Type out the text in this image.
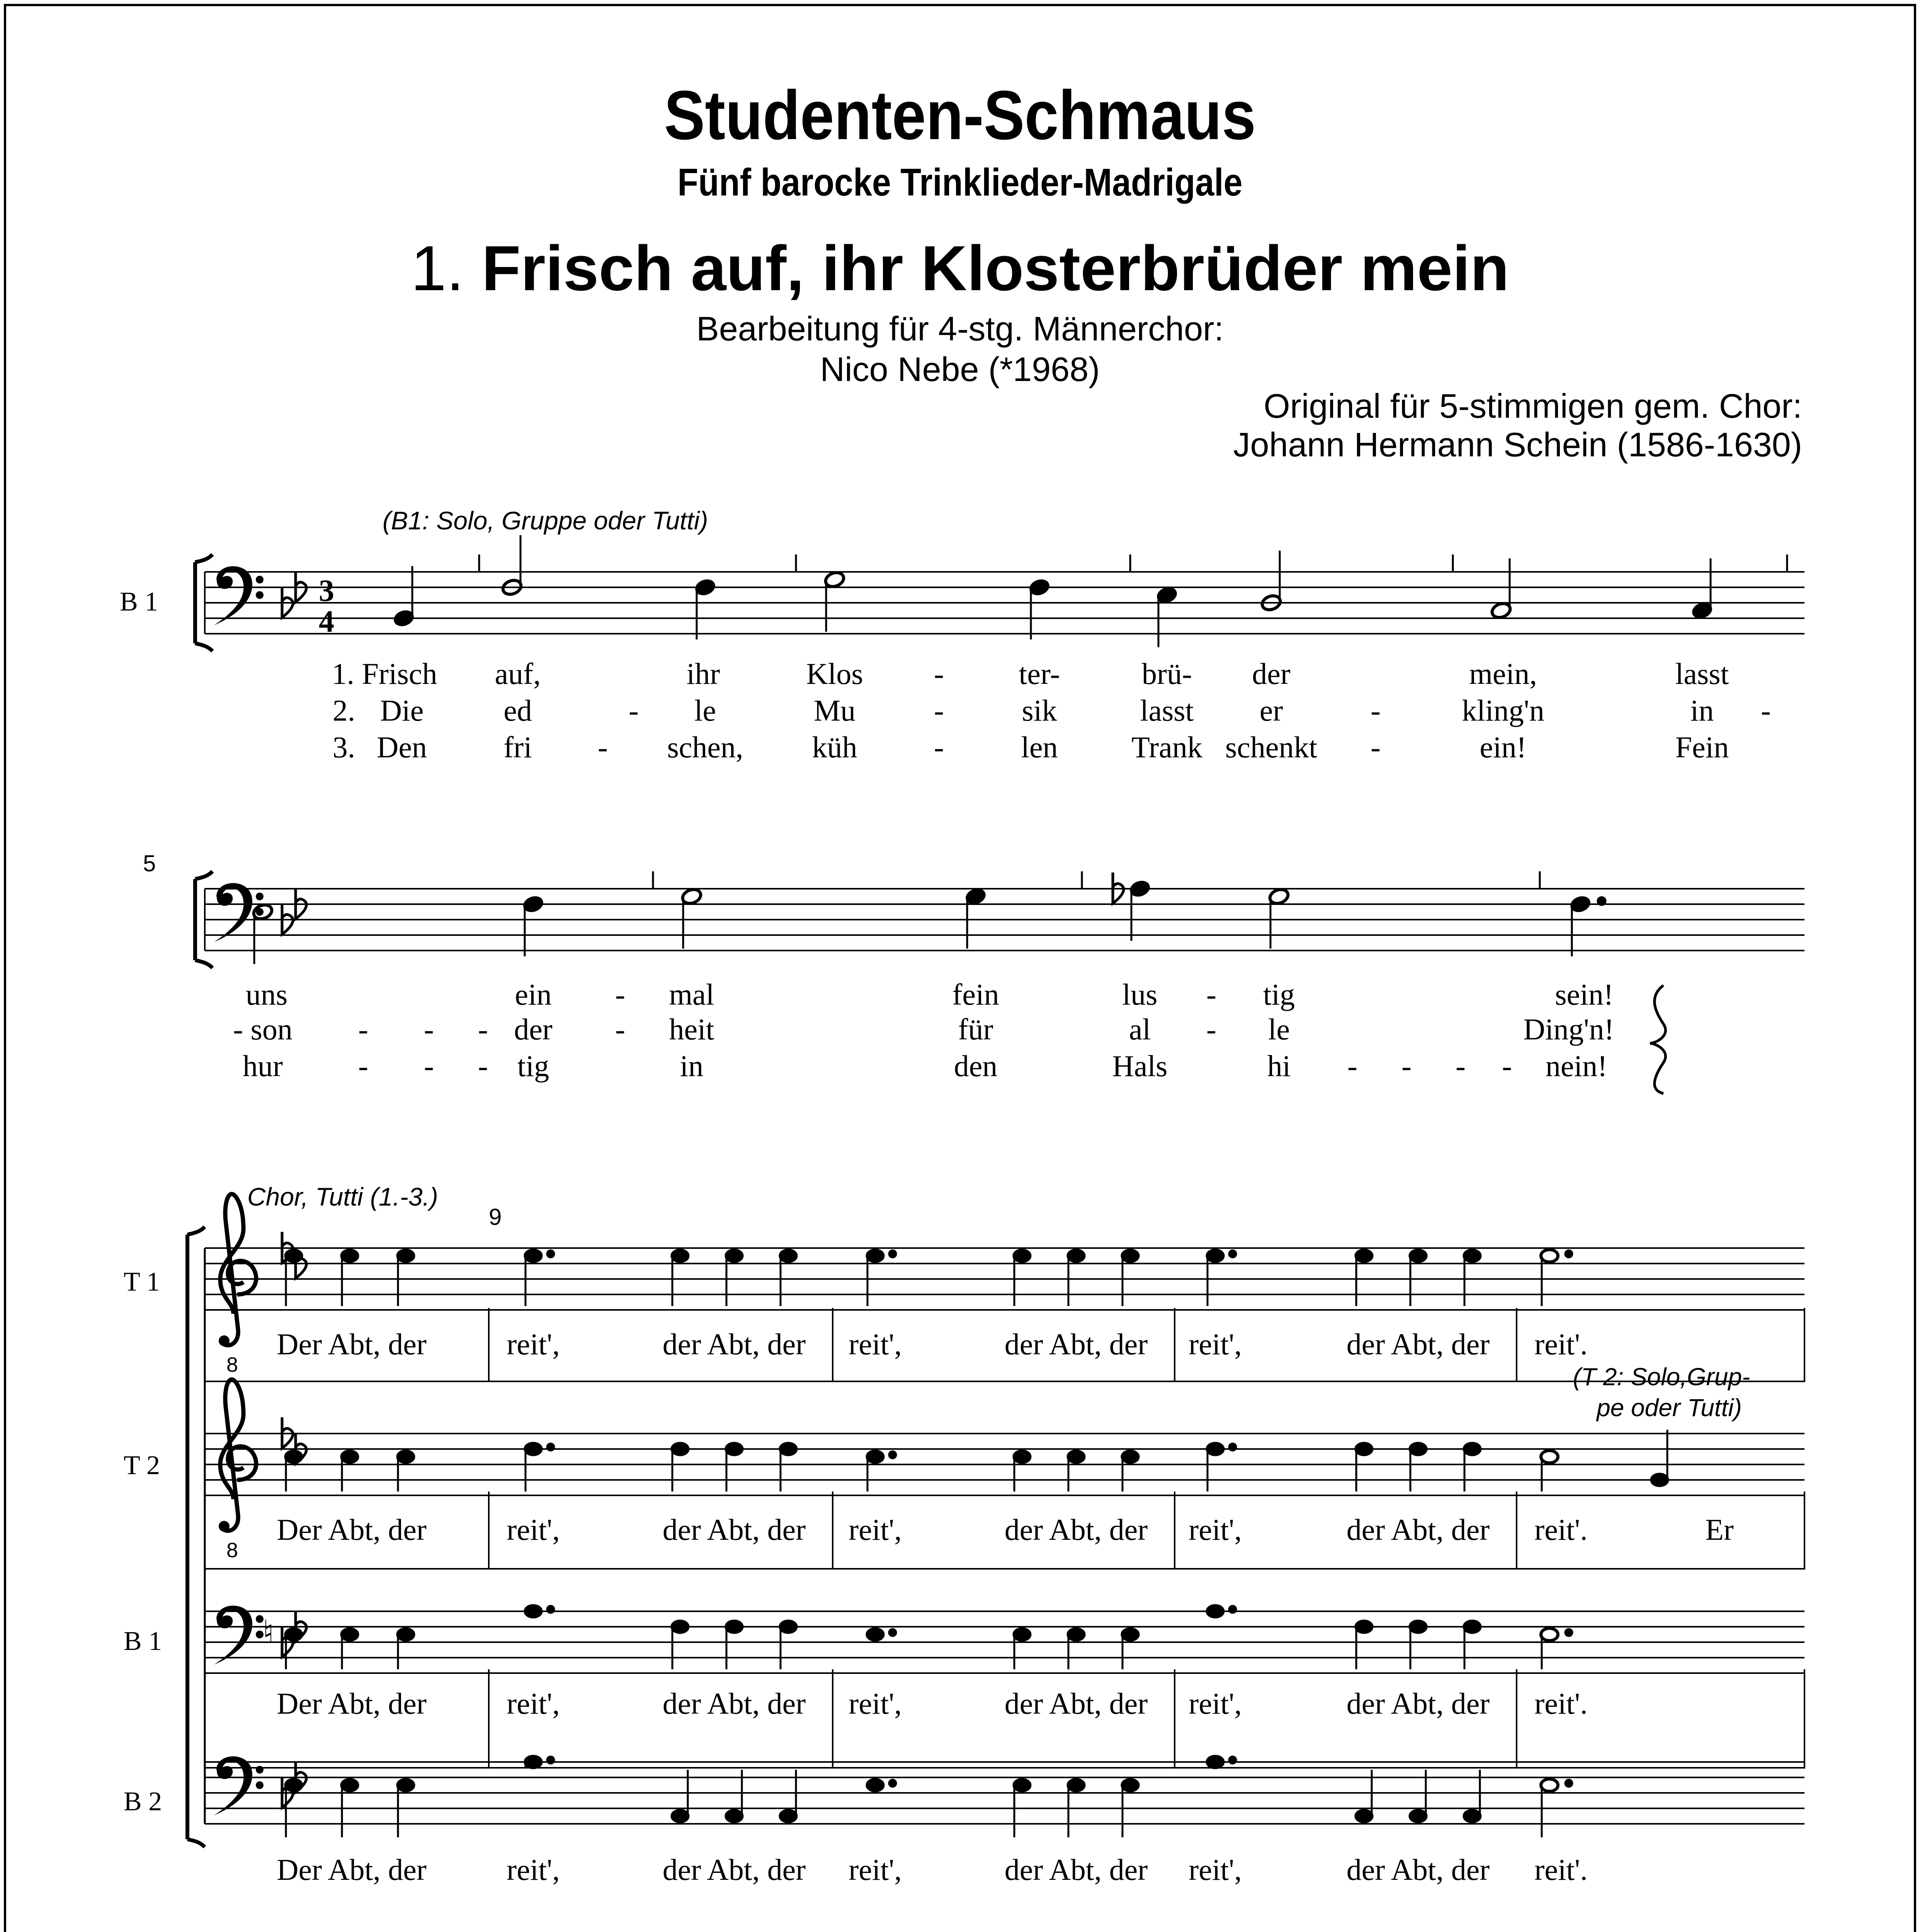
Studenten-Schmaus
Fünf barocke Trinklieder-Madrigale
1. Frisch auf, ihr Klosterbrüder mein
Bearbeitung für 4-stg. Männerchor:
Nico Nebe (*1968)
Original für 5-stimmigen gem. Chor:
Johann Hermann Schein (1586-1630)
8
(B1: Solo, Gruppe oder Tutti)
B 1	3
4
1. Frisch auf,	ihr	Klos - ter-	brü- der	mein,	lasst
2. Die	ed	- le	Mu	-	sik	lasst er	-	kling'n	in -
3. Den	fri - schen, küh	-	len Trank schenkt -	ein!	Fein
5
uns	ein - mal	fein	lus - tig	sein!
- son - - - der - heit	für	al - le	Ding'n!
hur	- - - tig	in	den	Hals	hi - - - - nein!
Chor, Tutti (1.-3.)
9
T 1
T 2
B 1
B 2
♮
Der Abt, der	reit',	der Abt, der reit',	der Abt, der reit',	der Abt, der reit'.
Der Abt, der	reit',	der Abt, der reit',	der Abt, der reit',	der Abt, der reit'.	Er
Der Abt, der	reit',	der Abt, der reit',	der Abt, der reit',	der Abt, der reit'.
Der Abt, der	reit',	der Abt, der reit',	der Abt, der reit',	der Abt, der reit'.
(T 2: Solo,Grup-
pe oder Tutti)
